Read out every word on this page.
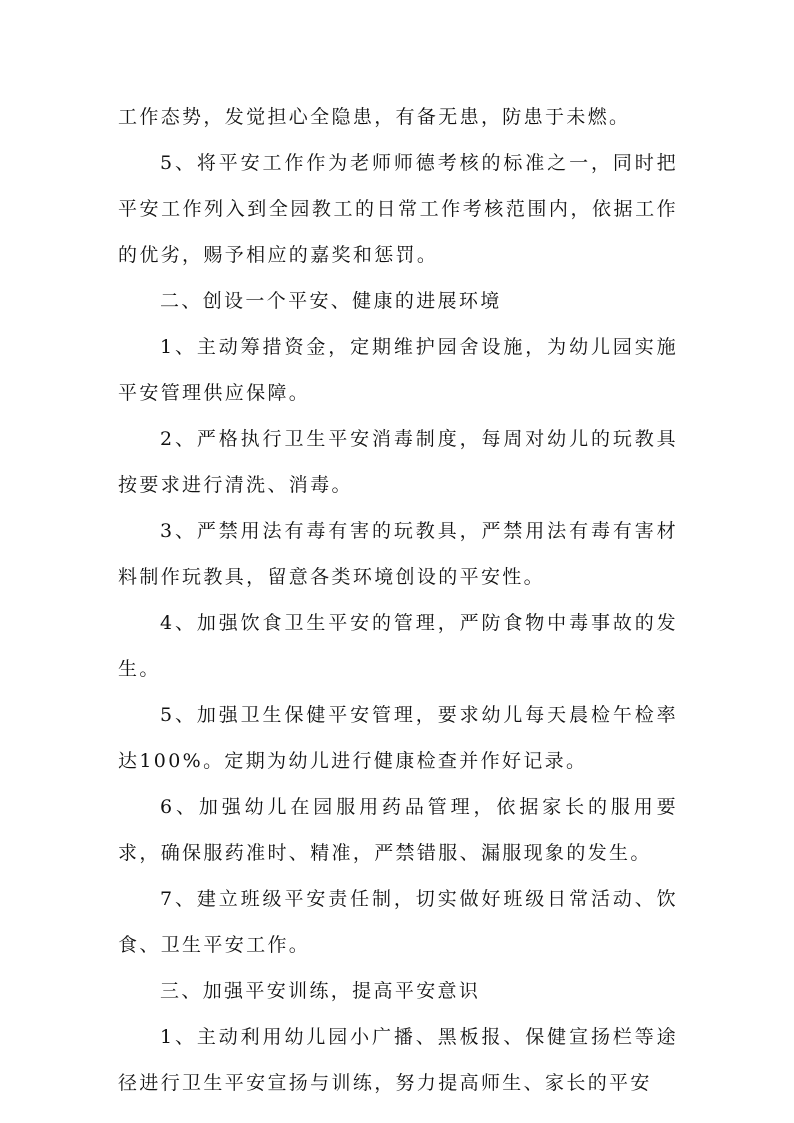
工作态势，发觉担心全隐患，有备无患，防患于未燃。

5、将平安工作作为老师师德考核的标准之一，同时把平安工作列入到全园教工的日常工作考核范围内，依据工作的优劣，赐予相应的嘉奖和惩罚。

二、创设一个平安、健康的进展环境

1、主动筹措资金，定期维护园舍设施，为幼儿园实施平安管理供应保障。

2、严格执行卫生平安消毒制度，每周对幼儿的玩教具按要求进行清洗、消毒。

3、严禁用法有毒有害的玩教具，严禁用法有毒有害材料制作玩教具，留意各类环境创设的平安性。

4、加强饮食卫生平安的管理，严防食物中毒事故的发生。

5、加强卫生保健平安管理，要求幼儿每天晨检午检率达100%。定期为幼儿进行健康检查并作好记录。

6、加强幼儿在园服用药品管理，依据家长的服用要求，确保服药准时、精准，严禁错服、漏服现象的发生。

7、建立班级平安责任制，切实做好班级日常活动、饮食、卫生平安工作。

三、加强平安训练，提高平安意识

1、主动利用幼儿园小广播、黑板报、保健宣扬栏等途径进行卫生平安宣扬与训练，努力提高师生、家长的平安
